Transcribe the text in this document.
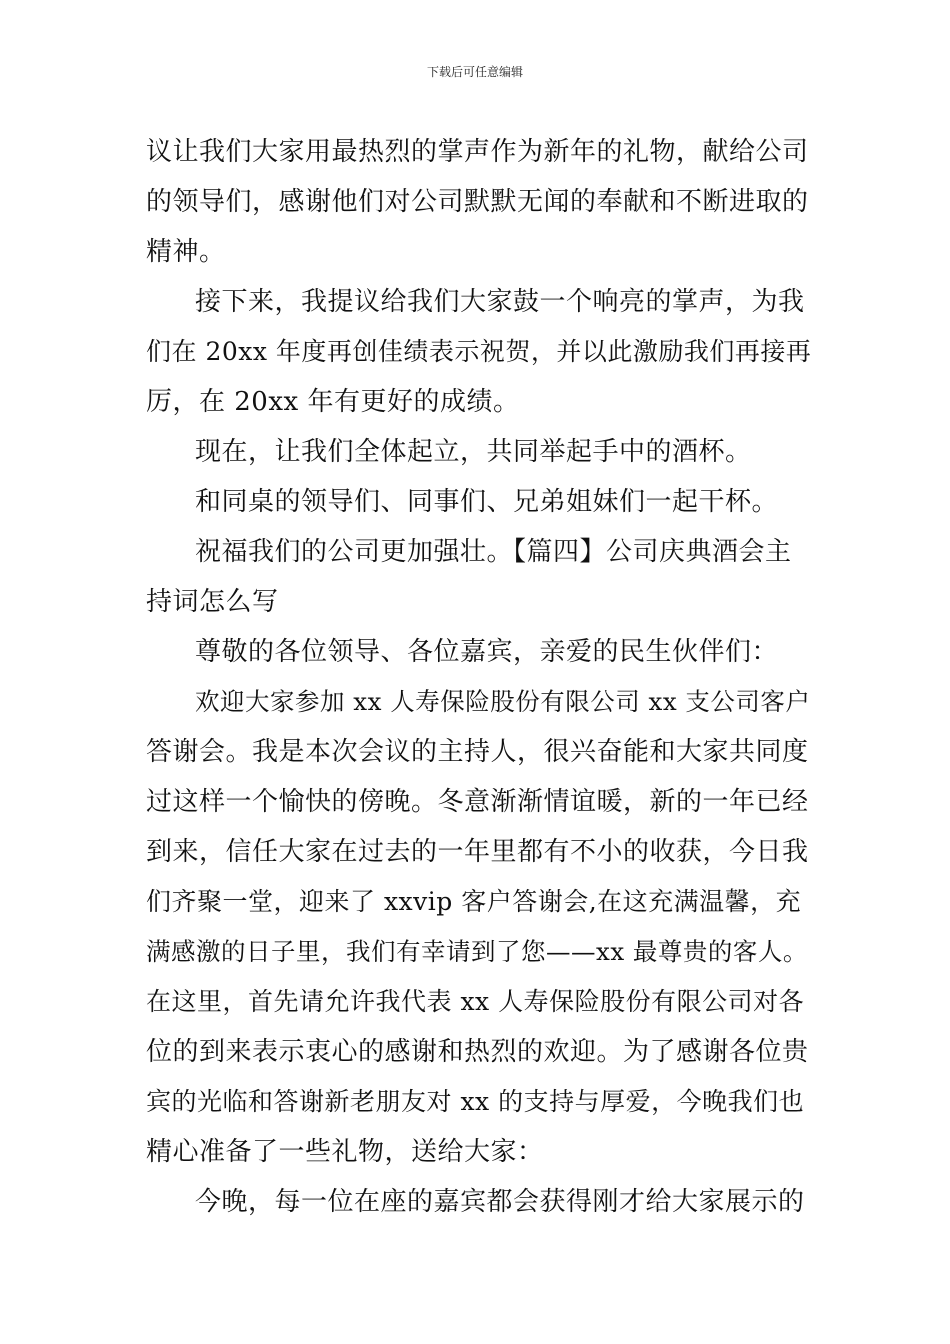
下载后可任意编辑
议让我们大家用最热烈的掌声作为新年的礼物，献给公司
的领导们，感谢他们对公司默默无闻的奉献和不断进取的
精神。
接下来，我提议给我们大家鼓一个响亮的掌声，为我
们在 20xx 年度再创佳绩表示祝贺，并以此激励我们再接再
厉，在 20xx 年有更好的成绩。
现在，让我们全体起立，共同举起手中的酒杯。
和同桌的领导们、同事们、兄弟姐妹们一起干杯。
祝福我们的公司更加强壮。【篇四】公司庆典酒会主
持词怎么写
尊敬的各位领导、各位嘉宾，亲爱的民生伙伴们：
欢迎大家参加 xx 人寿保险股份有限公司 xx 支公司客户
答谢会。我是本次会议的主持人，很兴奋能和大家共同度
过这样一个愉快的傍晚。冬意渐渐情谊暖，新的一年已经
到来，信任大家在过去的一年里都有不小的收获，今日我
们齐聚一堂，迎来了 xxvip 客户答谢会,在这充满温馨，充
满感激的日子里，我们有幸请到了您——xx 最尊贵的客人。
在这里，首先请允许我代表 xx 人寿保险股份有限公司对各
位的到来表示衷心的感谢和热烈的欢迎。为了感谢各位贵
宾的光临和答谢新老朋友对 xx 的支持与厚爱，今晚我们也
精心准备了一些礼物，送给大家：
今晚，每一位在座的嘉宾都会获得刚才给大家展示的
